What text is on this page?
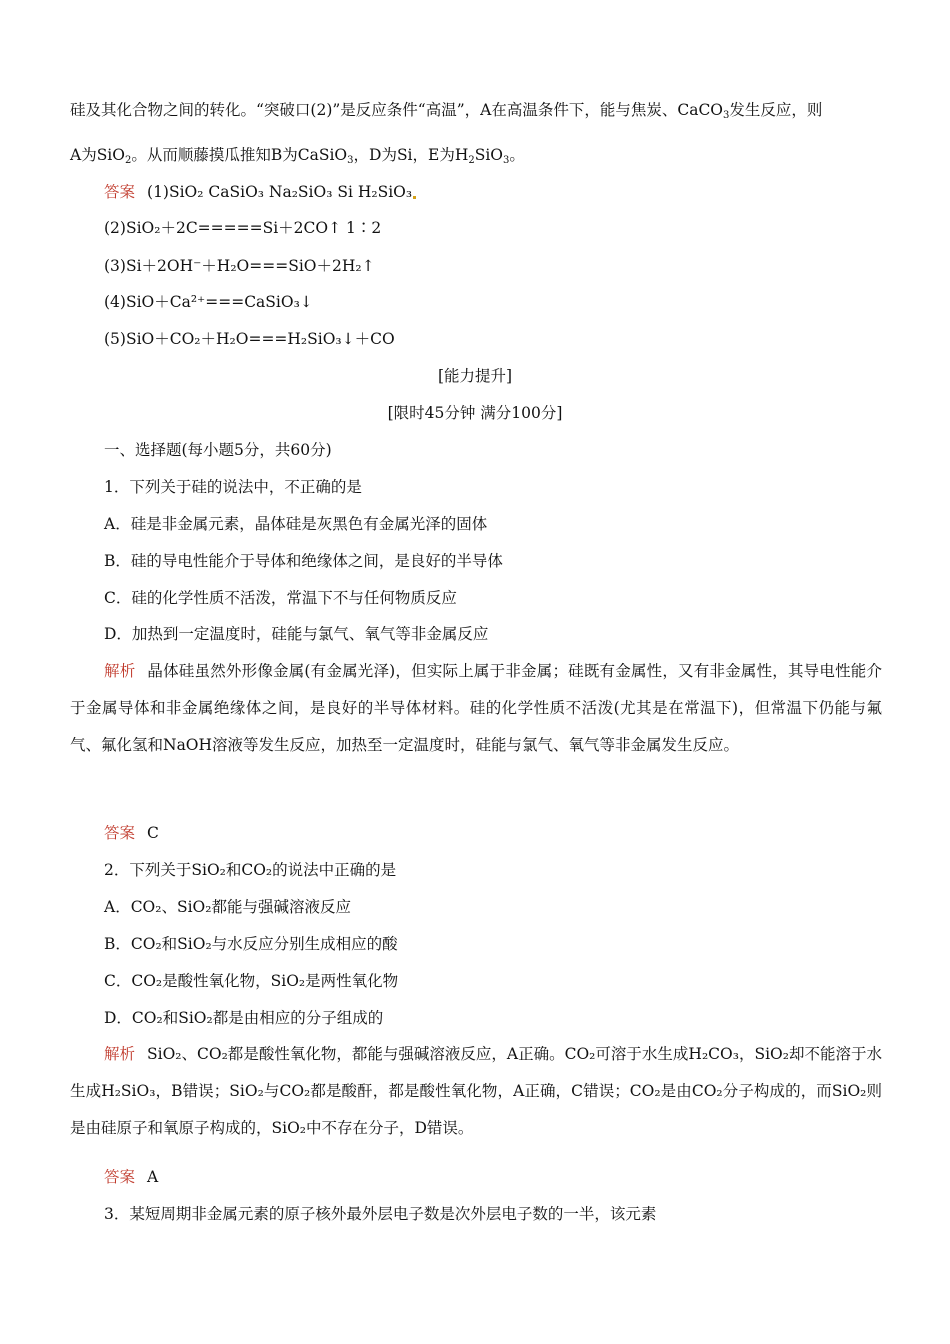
硅及其化合物之间的转化。“突破口(2)”是反应条件“高温”，A在高温条件下，能与焦炭、CaCO$_3$发生反应，则
A为SiO$_2$。从而顺藤摸瓜推知B为CaSiO$_3$，D为Si，E为$H_2SiO_3$。
答案 (1)SiO₂ CaSiO₃ Na₂SiO₃ Si H₂SiO₃
(2)SiO₂＋2C=====Si＋2CO↑ 1∶2
(3)Si＋2OH⁻＋H₂O===SiO＋2H₂↑
(4)SiO＋Ca²⁺===CaSiO₃↓
(5)SiO＋CO₂＋H₂O===H₂SiO₃↓＋CO
[能力提升]
[限时45分钟 满分100分]
一、选择题(每小题5分，共60分)
1．下列关于硅的说法中，不正确的是
A．硅是非金属元素，晶体硅是灰黑色有金属光泽的固体
B．硅的导电性能介于导体和绝缘体之间，是良好的半导体
C．硅的化学性质不活泼，常温下不与任何物质反应
D．加热到一定温度时，硅能与氯气、氧气等非金属反应
解析 晶体硅虽然外形像金属(有金属光泽)，但实际上属于非金属；硅既有金属性，又有非金属性，其导电性能介于金属导体和非金属绝缘体之间，是良好的半导体材料。硅的化学性质不活泼(尤其是在常温下)，但常温下仍能与氟气、氟化氢和NaOH溶液等发生反应，加热至一定温度时，硅能与氯气、氧气等非金属发生反应。
答案 C
2．下列关于SiO₂和CO₂的说法中正确的是
A．CO₂、SiO₂都能与强碱溶液反应
B．CO₂和SiO₂与水反应分别生成相应的酸
C．CO₂是酸性氧化物，SiO₂是两性氧化物
D．CO₂和SiO₂都是由相应的分子组成的
解析 SiO₂、CO₂都是酸性氧化物，都能与强碱溶液反应，A正确。CO₂可溶于水生成H₂CO₃，SiO₂却不能溶于水生成H₂SiO₃，B错误；SiO₂与CO₂都是酸酐，都是酸性氧化物，A正确，C错误；CO₂是由CO₂分子构成的，而SiO₂则是由硅原子和氧原子构成的，SiO₂中不存在分子，D错误。
答案 A
3．某短周期非金属元素的原子核外最外层电子数是次外层电子数的一半，该元素
